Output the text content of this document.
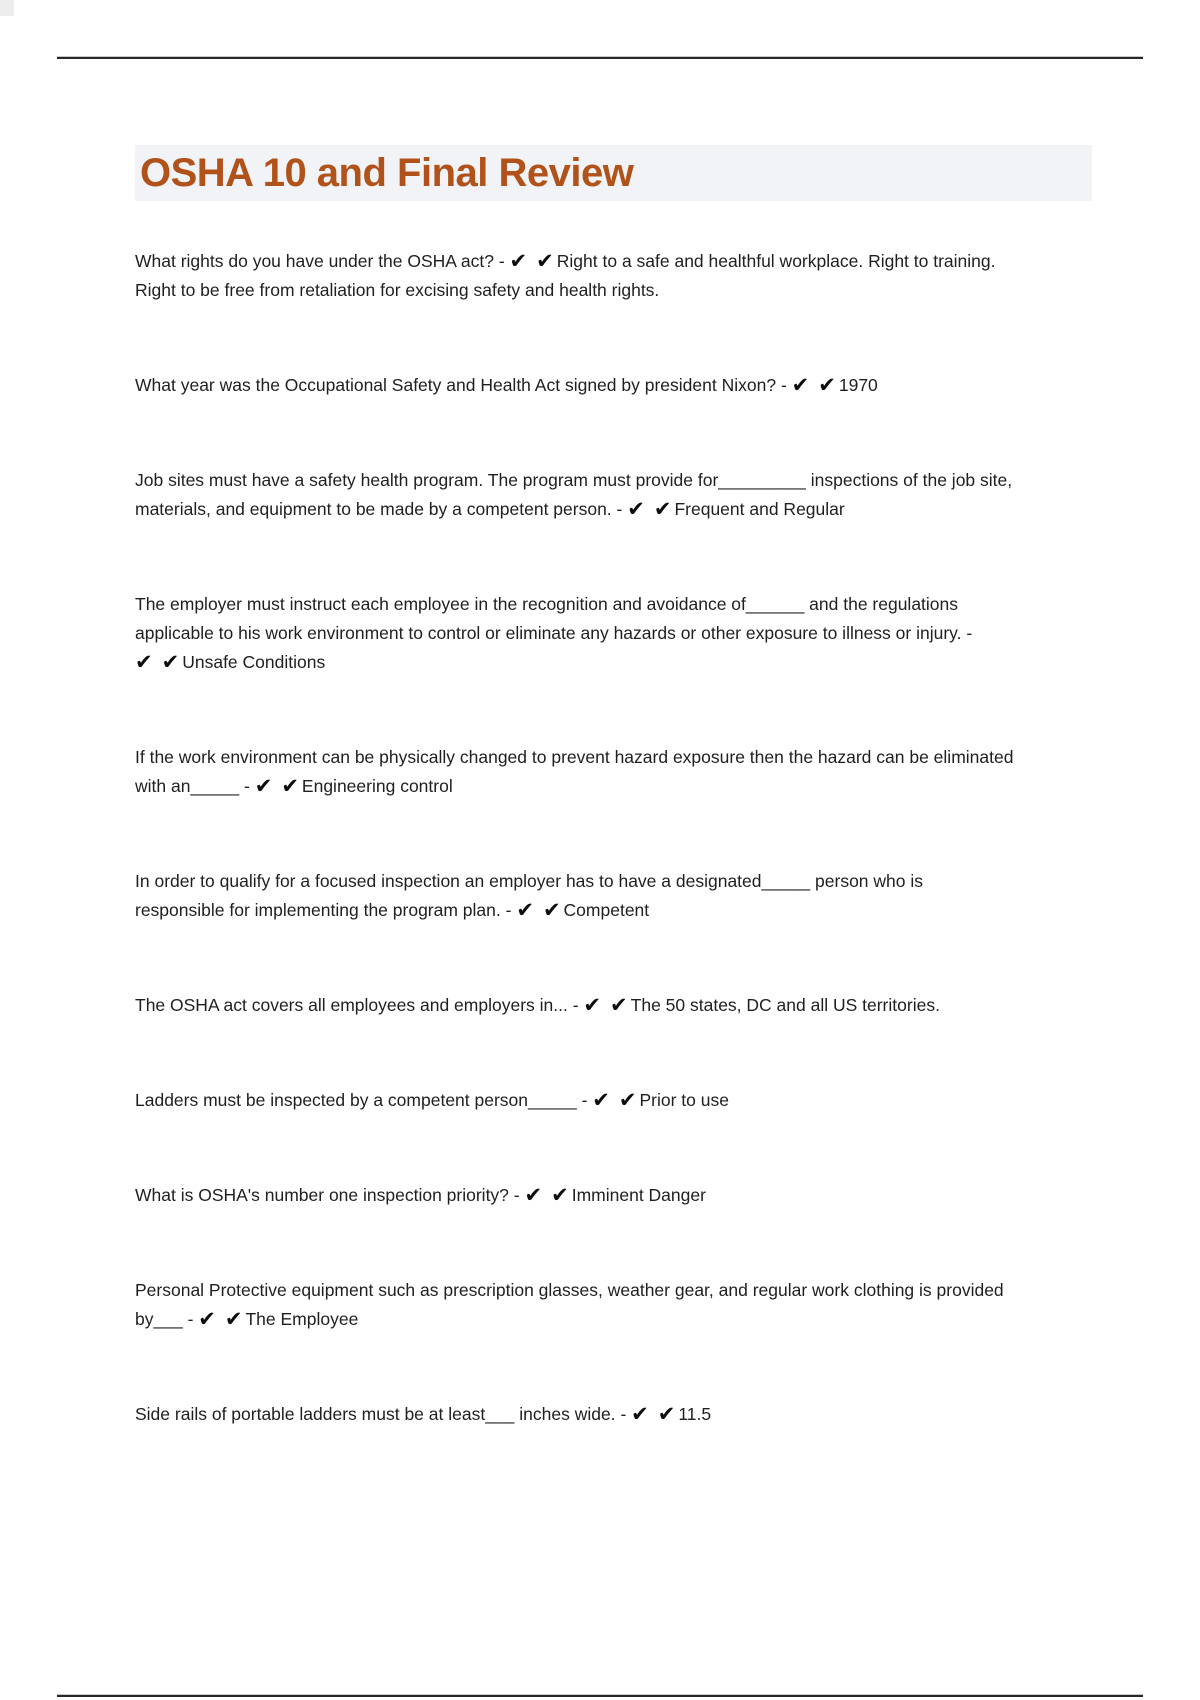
OSHA 10 and Final Review

What rights do you have under the OSHA act? - ✔ ✔ Right to a safe and healthful workplace. Right to training. Right to be free from retaliation for excising safety and health rights.

What year was the Occupational Safety and Health Act signed by president Nixon? - ✔ ✔ 1970

Job sites must have a safety health program. The program must provide for_________ inspections of the job site, materials, and equipment to be made by a competent person. - ✔ ✔ Frequent and Regular

The employer must instruct each employee in the recognition and avoidance of______ and the regulations applicable to his work environment to control or eliminate any hazards or other exposure to illness or injury. - ✔ ✔ Unsafe Conditions

If the work environment can be physically changed to prevent hazard exposure then the hazard can be eliminated with an_____ - ✔ ✔ Engineering control

In order to qualify for a focused inspection an employer has to have a designated_____ person who is responsible for implementing the program plan. - ✔ ✔ Competent

The OSHA act covers all employees and employers in... - ✔ ✔ The 50 states, DC and all US territories.

Ladders must be inspected by a competent person_____ - ✔ ✔ Prior to use

What is OSHA's number one inspection priority? - ✔ ✔ Imminent Danger

Personal Protective equipment such as prescription glasses, weather gear, and regular work clothing is provided by___ - ✔ ✔ The Employee

Side rails of portable ladders must be at least___ inches wide. - ✔ ✔ 11.5
